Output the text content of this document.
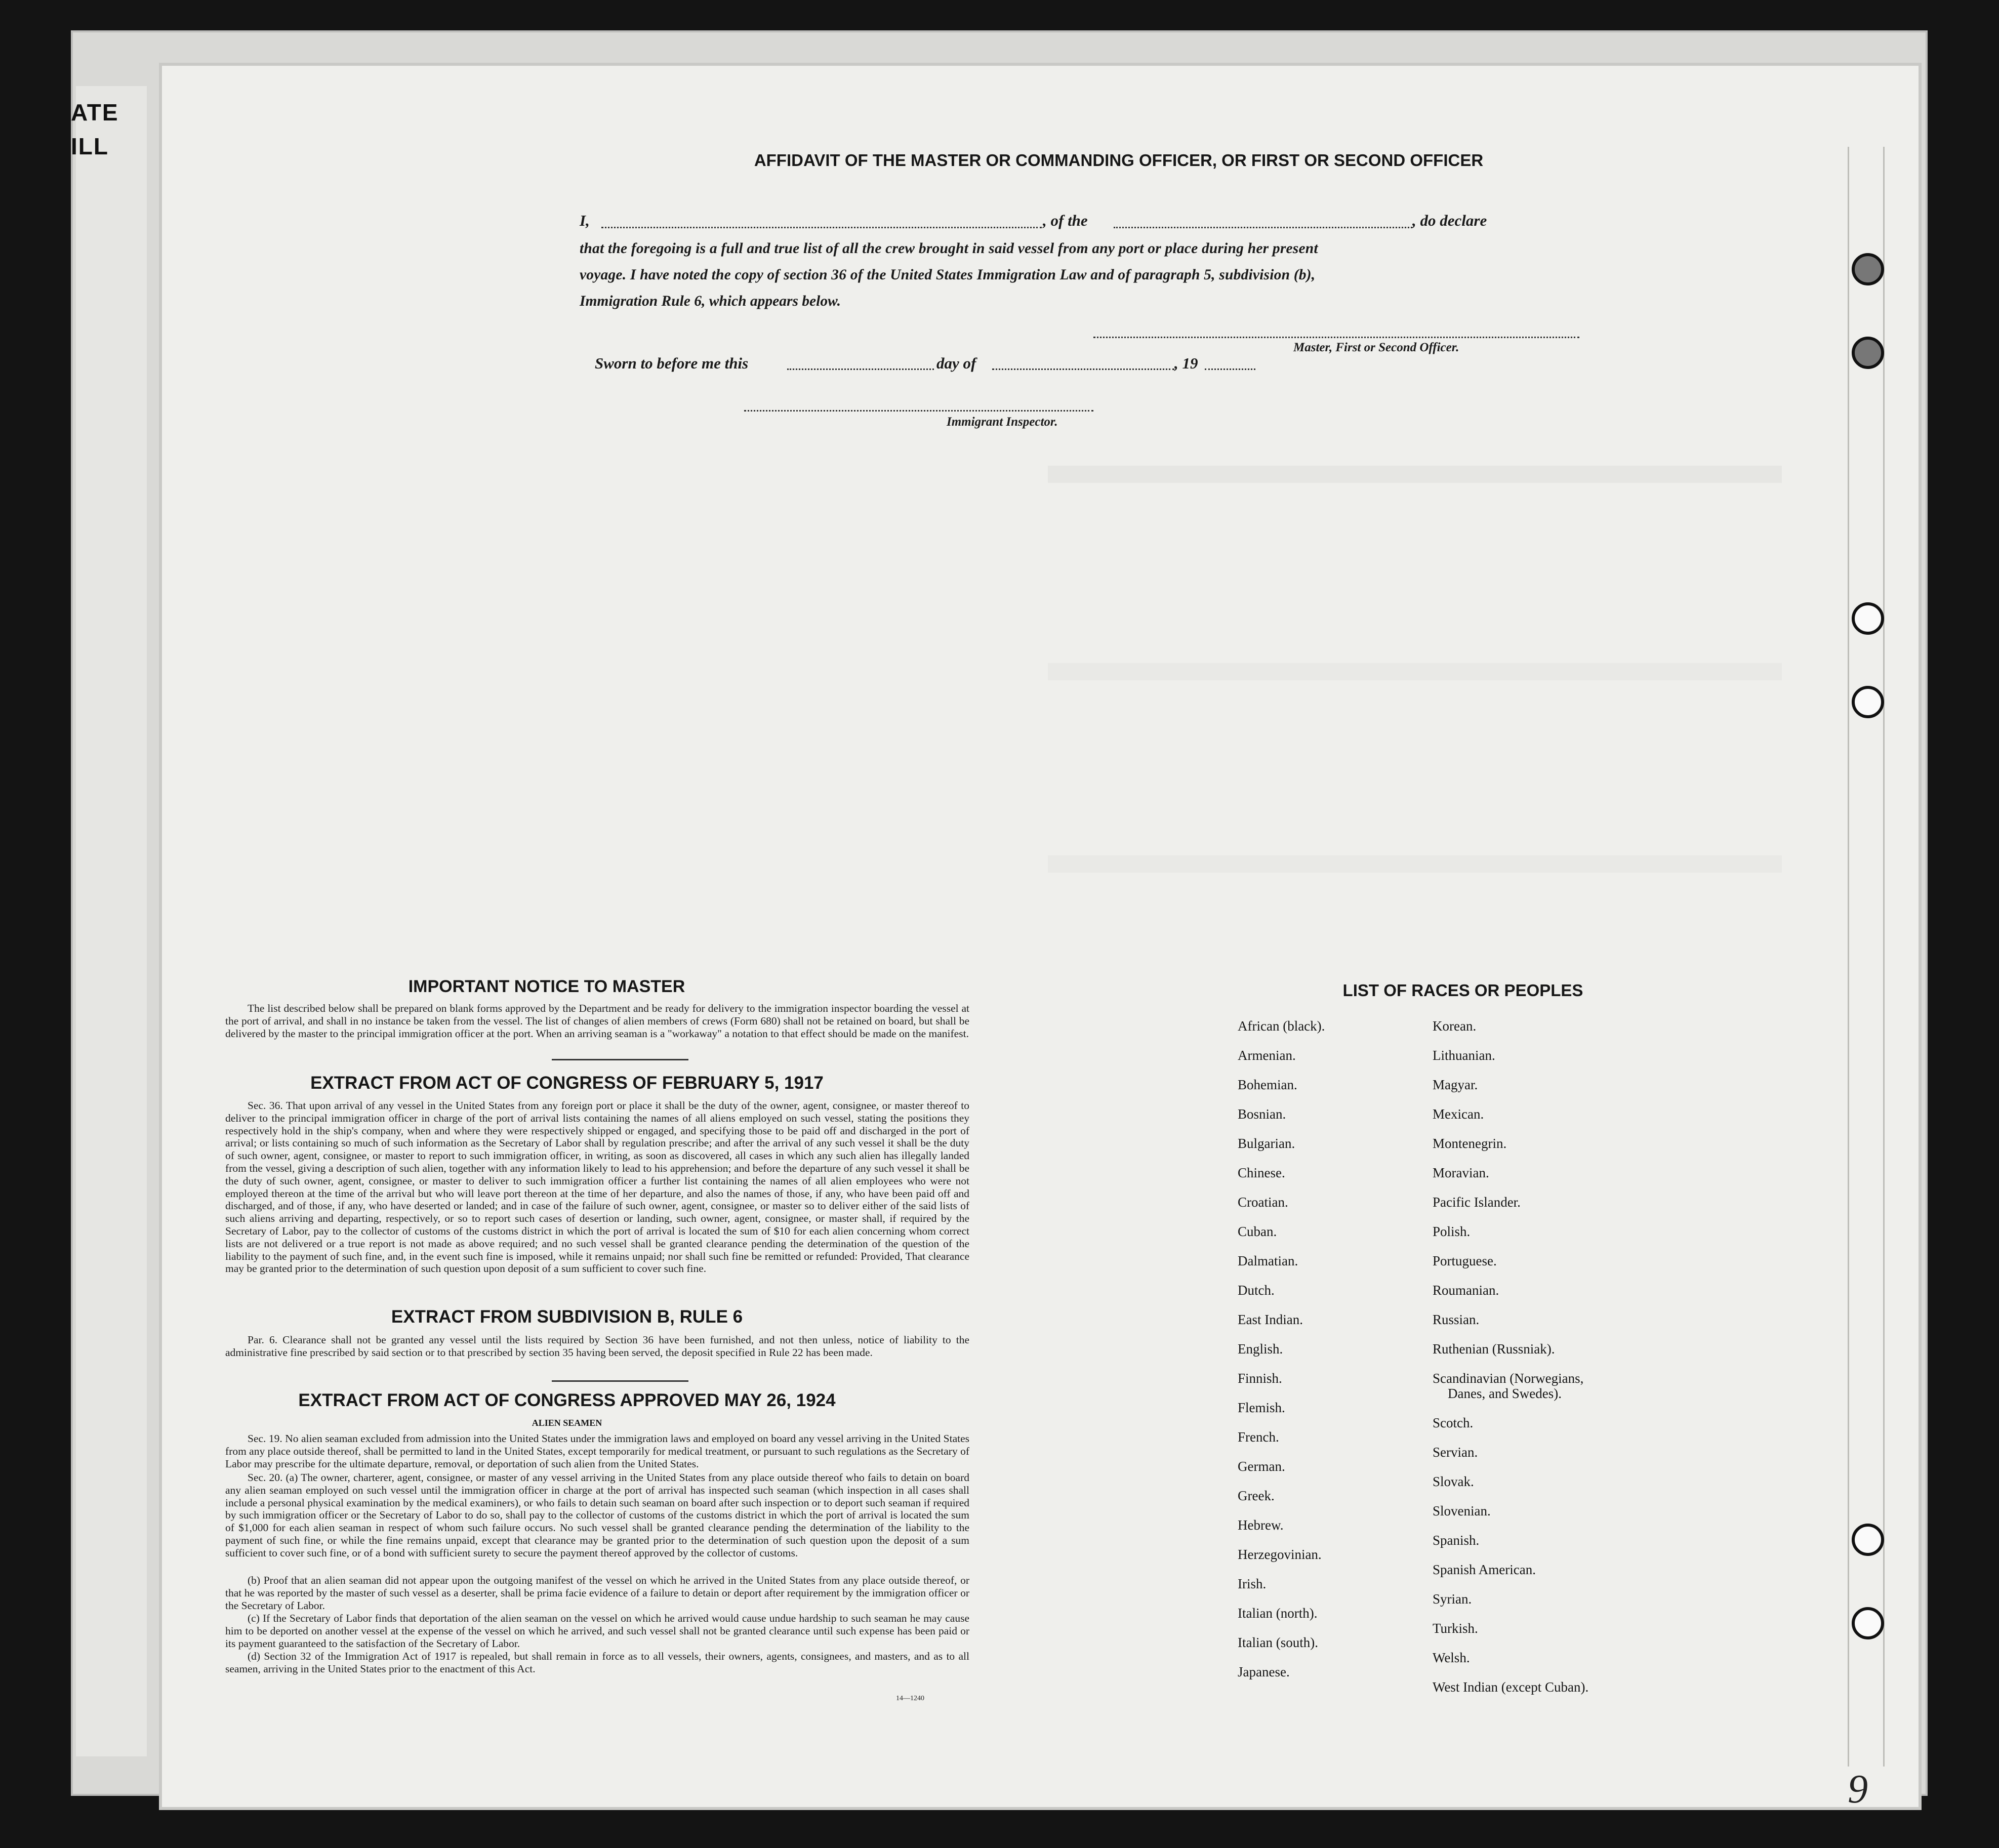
ATE
ILL
AFFIDAVIT OF THE MASTER OR COMMANDING OFFICER, OR FIRST OR SECOND OFFICER
I,	, of the	, do declare
that the foregoing is a full and true list of all the crew brought in said vessel from any port or place during her present
voyage. I have noted the copy of section 36 of the United States Immigration Law and of paragraph 5, subdivision (b),
Immigration Rule 6, which appears below.
Master, First or Second Officer.
Sworn to before me this	day of	, 19
Immigrant Inspector.
IMPORTANT NOTICE TO MASTER
The list described below shall be prepared on blank forms approved by the Department and be ready for delivery to the immigration inspector boarding the vessel at the port of arrival, and shall in no instance be taken from the vessel. The list of changes of alien members of crews (Form 680) shall not be retained on board, but shall be delivered by the master to the principal immigration officer at the port. When an arriving seaman is a "workaway" a notation to that effect should be made on the manifest.
EXTRACT FROM ACT OF CONGRESS OF FEBRUARY 5, 1917
Sec. 36. That upon arrival of any vessel in the United States from any foreign port or place it shall be the duty of the owner, agent, consignee, or master thereof to deliver to the principal immigration officer in charge of the port of arrival lists containing the names of all aliens employed on such vessel, stating the positions they respectively hold in the ship's company, when and where they were respectively shipped or engaged, and specifying those to be paid off and discharged in the port of arrival; or lists containing so much of such information as the Secretary of Labor shall by regulation prescribe; and after the arrival of any such vessel it shall be the duty of such owner, agent, consignee, or master to report to such immigration officer, in writing, as soon as discovered, all cases in which any such alien has illegally landed from the vessel, giving a description of such alien, together with any information likely to lead to his apprehension; and before the departure of any such vessel it shall be the duty of such owner, agent, consignee, or master to deliver to such immigration officer a further list containing the names of all alien employees who were not employed thereon at the time of the arrival but who will leave port thereon at the time of her departure, and also the names of those, if any, who have been paid off and discharged, and of those, if any, who have deserted or landed; and in case of the failure of such owner, agent, consignee, or master so to deliver either of the said lists of such aliens arriving and departing, respectively, or so to report such cases of desertion or landing, such owner, agent, consignee, or master shall, if required by the Secretary of Labor, pay to the collector of customs of the customs district in which the port of arrival is located the sum of $10 for each alien concerning whom correct lists are not delivered or a true report is not made as above required; and no such vessel shall be granted clearance pending the determination of the question of the liability to the payment of such fine, and, in the event such fine is imposed, while it remains unpaid; nor shall such fine be remitted or refunded: Provided, That clearance may be granted prior to the determination of such question upon deposit of a sum sufficient to cover such fine.
EXTRACT FROM SUBDIVISION B, RULE 6
Par. 6. Clearance shall not be granted any vessel until the lists required by Section 36 have been furnished, and not then unless, notice of liability to the administrative fine prescribed by said section or to that prescribed by section 35 having been served, the deposit specified in Rule 22 has been made.
EXTRACT FROM ACT OF CONGRESS APPROVED MAY 26, 1924
ALIEN SEAMEN
Sec. 19. No alien seaman excluded from admission into the United States under the immigration laws and employed on board any vessel arriving in the United States from any place outside thereof, shall be permitted to land in the United States, except temporarily for medical treatment, or pursuant to such regulations as the Secretary of Labor may prescribe for the ultimate departure, removal, or deportation of such alien from the United States.
Sec. 20. (a) The owner, charterer, agent, consignee, or master of any vessel arriving in the United States from any place outside thereof who fails to detain on board any alien seaman employed on such vessel until the immigration officer in charge at the port of arrival has inspected such seaman (which inspection in all cases shall include a personal physical examination by the medical examiners), or who fails to detain such seaman on board after such inspection or to deport such seaman if required by such immigration officer or the Secretary of Labor to do so, shall pay to the collector of customs of the customs district in which the port of arrival is located the sum of $1,000 for each alien seaman in respect of whom such failure occurs. No such vessel shall be granted clearance pending the determination of the liability to the payment of such fine, or while the fine remains unpaid, except that clearance may be granted prior to the determination of such question upon the deposit of a sum sufficient to cover such fine, or of a bond with sufficient surety to secure the payment thereof approved by the collector of customs.
(b) Proof that an alien seaman did not appear upon the outgoing manifest of the vessel on which he arrived in the United States from any place outside thereof, or that he was reported by the master of such vessel as a deserter, shall be prima facie evidence of a failure to detain or deport after requirement by the immigration officer or the Secretary of Labor.
(c) If the Secretary of Labor finds that deportation of the alien seaman on the vessel on which he arrived would cause undue hardship to such seaman he may cause him to be deported on another vessel at the expense of the vessel on which he arrived, and such vessel shall not be granted clearance until such expense has been paid or its payment guaranteed to the satisfaction of the Secretary of Labor.
(d) Section 32 of the Immigration Act of 1917 is repealed, but shall remain in force as to all vessels, their owners, agents, consignees, and masters, and as to all seamen, arriving in the United States prior to the enactment of this Act.
14—1240
LIST OF RACES OR PEOPLES
African (black).
Armenian.
Bohemian.
Bosnian.
Bulgarian.
Chinese.
Croatian.
Cuban.
Dalmatian.
Dutch.
East Indian.
English.
Finnish.
Flemish.
French.
German.
Greek.
Hebrew.
Herzegovinian.
Irish.
Italian (north).
Italian (south).
Japanese.
Korean.
Lithuanian.
Magyar.
Mexican.
Montenegrin.
Moravian.
Pacific Islander.
Polish.
Portuguese.
Roumanian.
Russian.
Ruthenian (Russniak).
Scandinavian (Norwegians,
Danes, and Swedes).
Scotch.
Servian.
Slovak.
Slovenian.
Spanish.
Spanish American.
Syrian.
Turkish.
Welsh.
West Indian (except Cuban).
9
